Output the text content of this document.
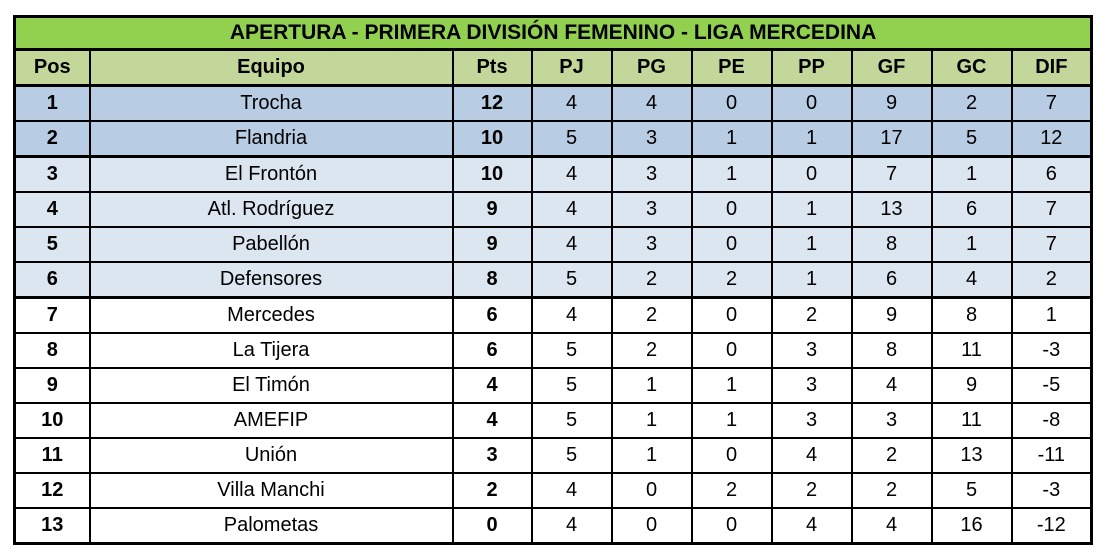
APERTURA - PRIMERA DIVISIÓN FEMENINO - LIGA MERCEDINA									
Pos	Equipo	Pts	PJ	PG	PE	PP	GF	GC	DIF
1	Trocha	12	4	4	0	0	9	2	7
2	Flandria	10	5	3	1	1	17	5	12
3	El Frontón	10	4	3	1	0	7	1	6
4	Atl. Rodríguez	9	4	3	0	1	13	6	7
5	Pabellón	9	4	3	0	1	8	1	7
6	Defensores	8	5	2	2	1	6	4	2
7	Mercedes	6	4	2	0	2	9	8	1
8	La Tijera	6	5	2	0	3	8	11	-3
9	El Timón	4	5	1	1	3	4	9	-5
10	AMEFIP	4	5	1	1	3	3	11	-8
11	Unión	3	5	1	0	4	2	13	-11
12	Villa Manchi	2	4	0	2	2	2	5	-3
13	Palometas	0	4	0	0	4	4	16	-12
